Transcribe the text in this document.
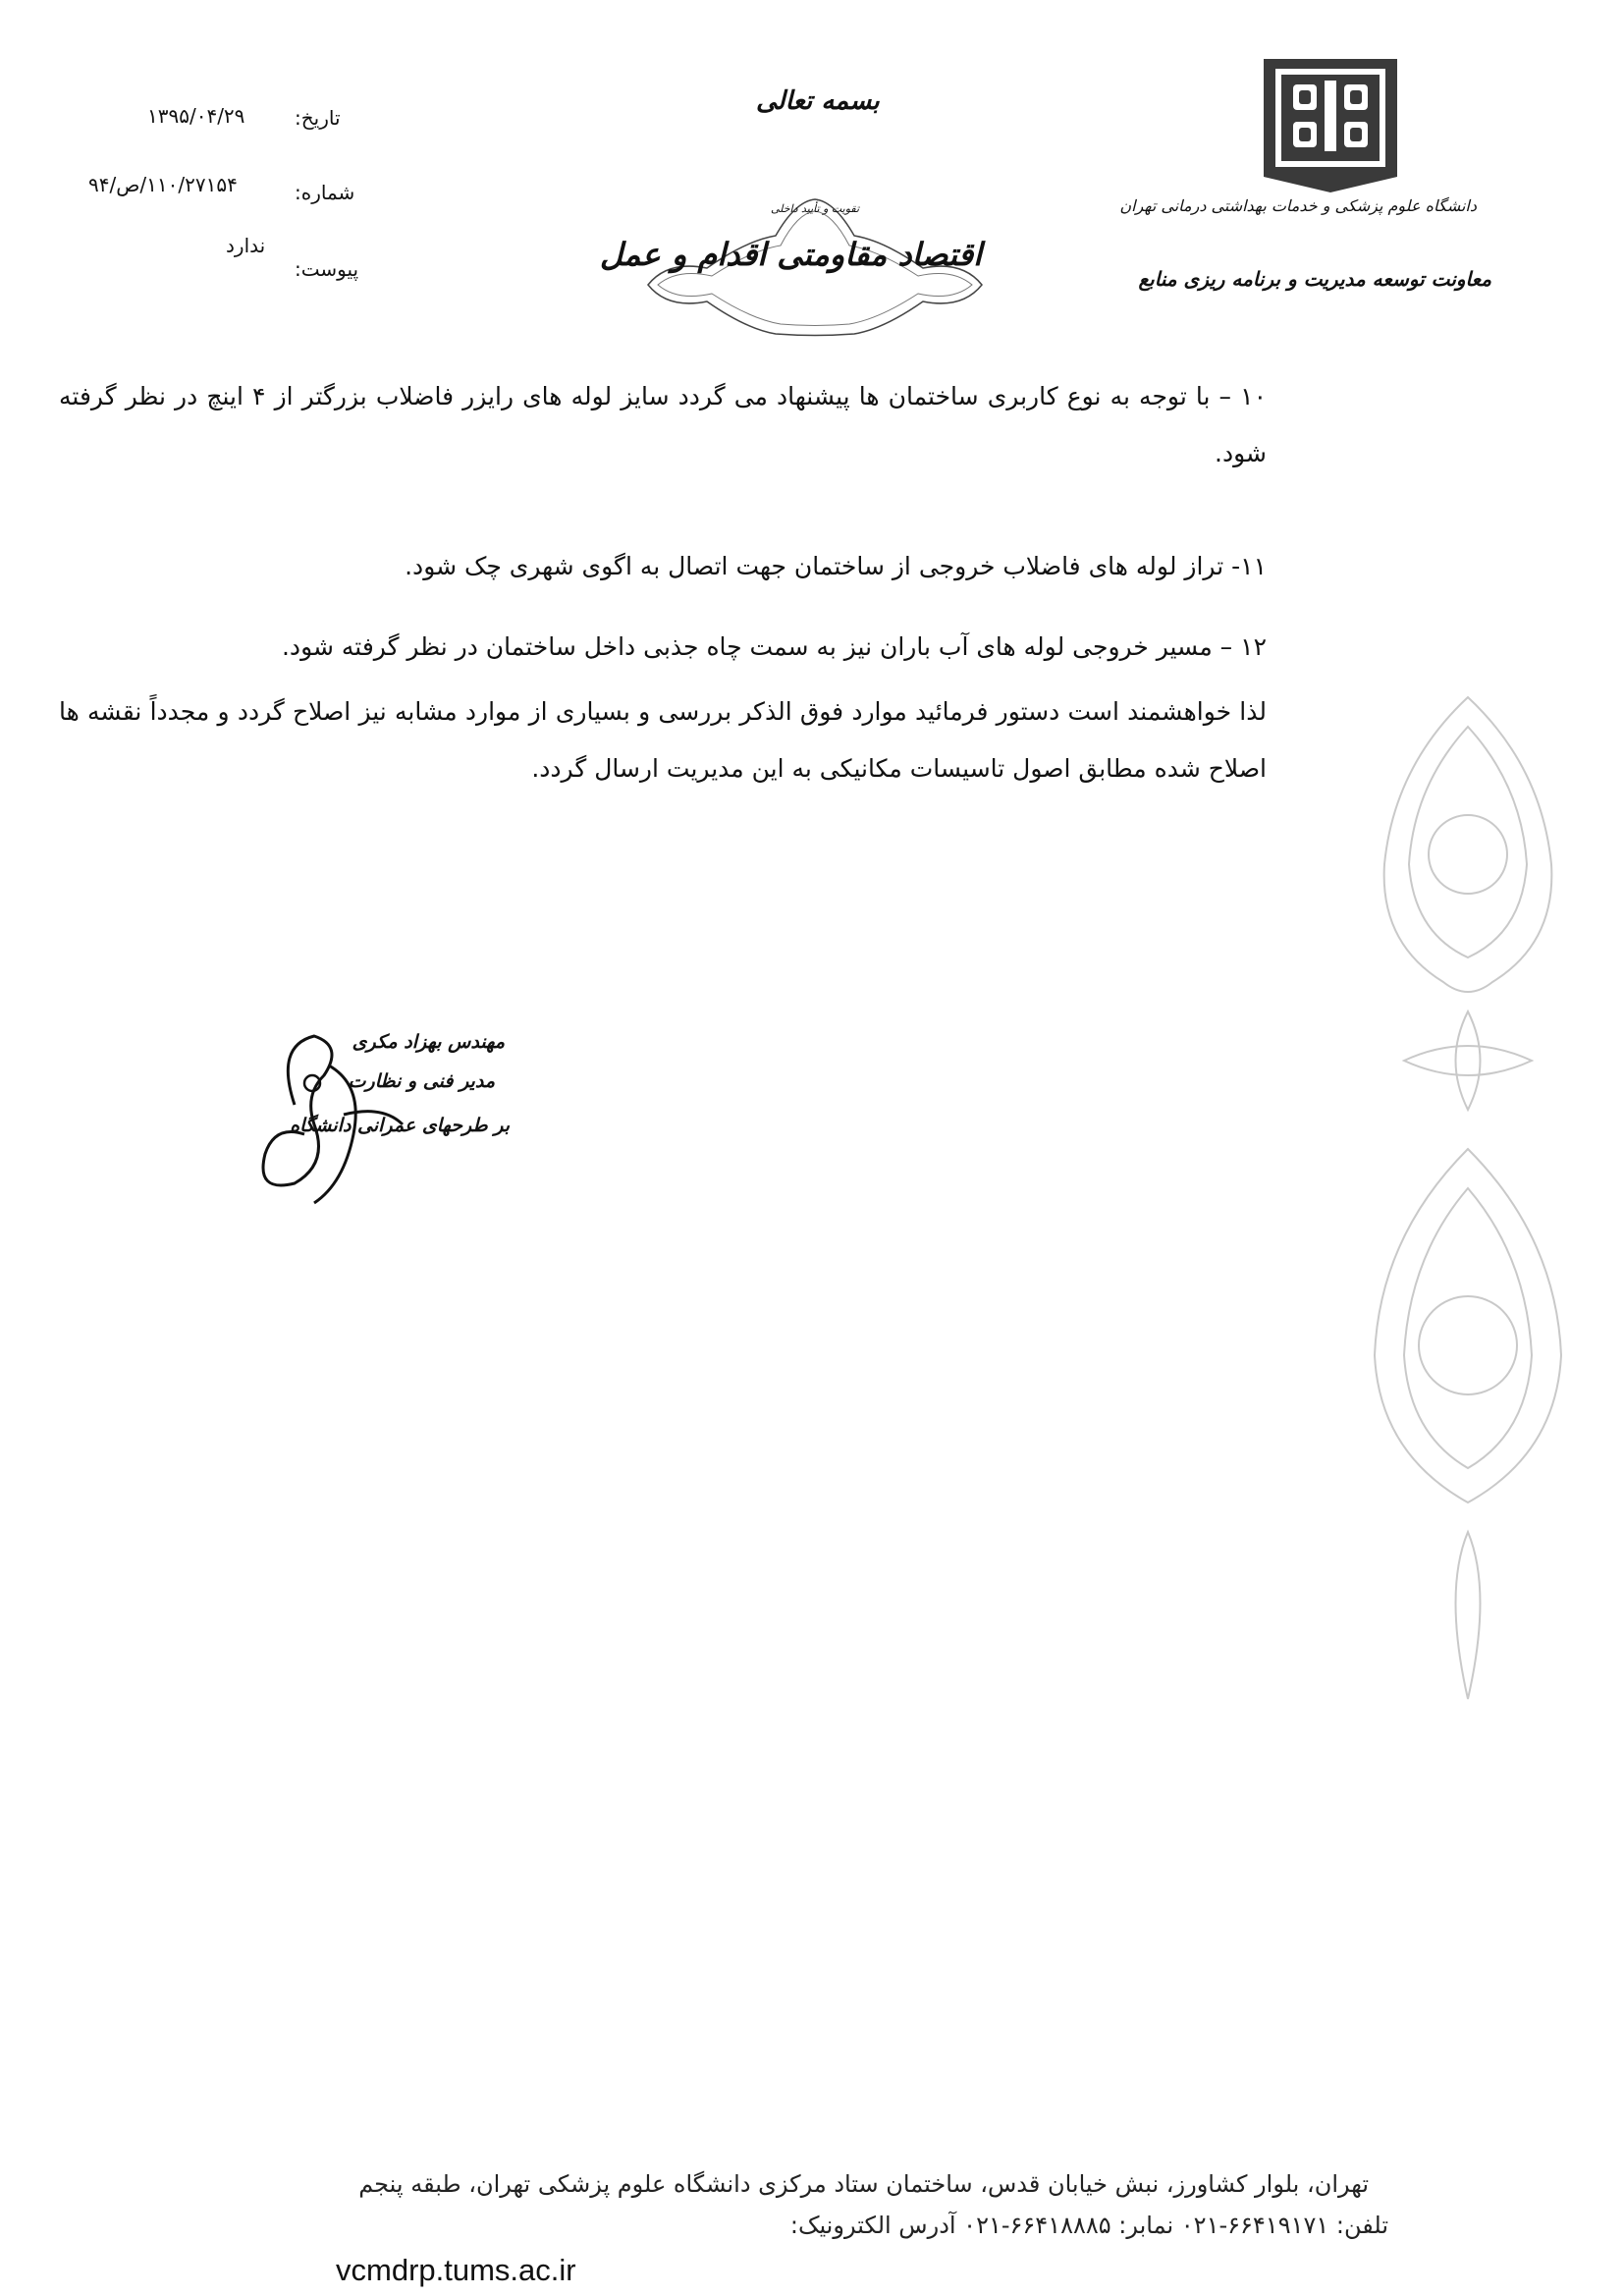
تاریخ:
۱۳۹۵/۰۴/۲۹
شماره:
۱۱۰/۲۷۱۵۴/ص/۹۴
ندارد
پیوست:
بسمه تعالی
تقویت و تأیید داخلی
اقتصاد مقاومتی اقدام و عمل
دانشگاه علوم پزشکی و خدمات بهداشتی درمانی تهران
معاونت توسعه مدیریت و برنامه ریزی منابع

۱۰ – با توجه به نوع کاربری ساختمان ها پیشنهاد می گردد سایز لوله های رایزر فاضلاب بزرگتر از ۴ اینچ در نظر گرفته شود.

۱۱- تراز لوله های فاضلاب خروجی از ساختمان جهت اتصال به اگوی شهری چک شود.

۱۲ – مسیر خروجی لوله های آب باران نیز به سمت چاه جذبی داخل ساختمان در نظر گرفته شود.

لذا خواهشمند است دستور فرمائید موارد فوق الذکر بررسی و بسیاری از موارد مشابه نیز اصلاح گردد و مجدداً نقشه ها اصلاح شده مطابق اصول تاسیسات مکانیکی به این مدیریت ارسال گردد.

مهندس بهزاد مکری
مدیر فنی و نظارت
بر طرحهای عمرانی دانشگاه
تهران، بلوار کشاورز، نبش خیابان قدس، ساختمان ستاد مرکزی دانشگاه علوم پزشکی تهران، طبقه پنجم
تلفن: ۶۶۴۱۹۱۷۱-۰۲۱ نمابر: ۶۶۴۱۸۸۸۵-۰۲۱ آدرس الکترونیک:
vcmdrp.tums.ac.ir
